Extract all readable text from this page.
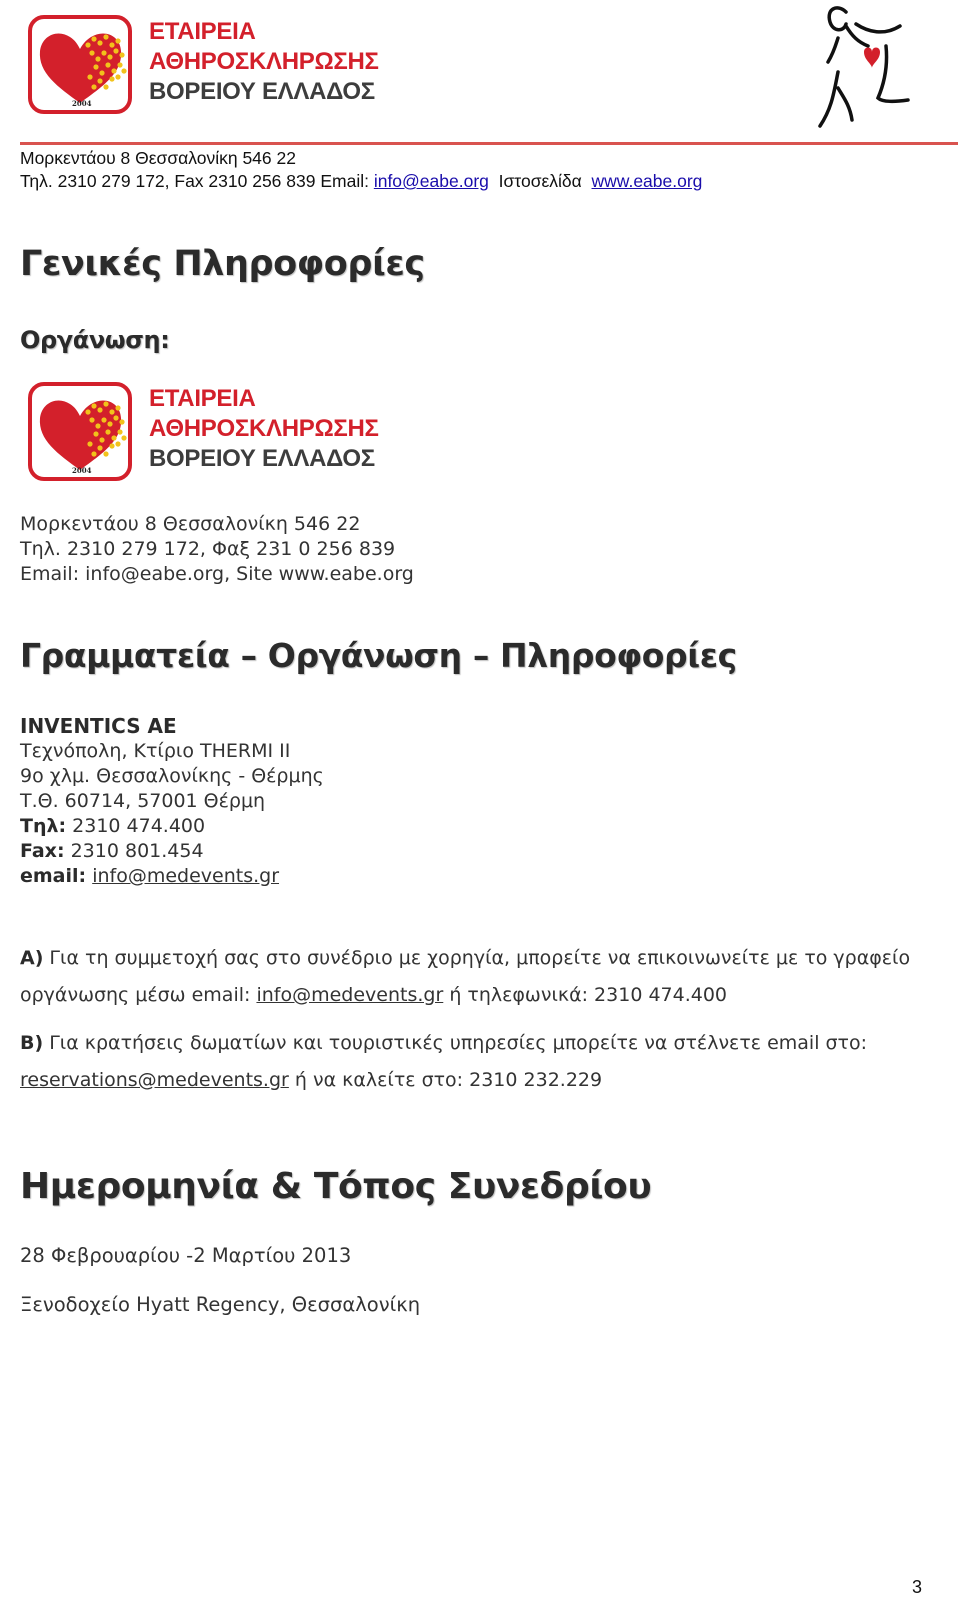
2004
ΕΤΑΙΡΕΙΑ
ΑΘΗΡΟΣΚΛΗΡΩΣΗΣ
ΒΟΡΕΙΟΥ ΕΛΛΑΔΟΣ
Μορκεντάου 8 Θεσσαλονίκη 546 22
Τηλ. 2310 279 172, Fax 2310 256 839 Email: info@eabe.org  Ιστοσελίδα  www.eabe.org
Γενικές Πληροφορίες
Οργάνωση:
2004
ΕΤΑΙΡΕΙΑ
ΑΘΗΡΟΣΚΛΗΡΩΣΗΣ
ΒΟΡΕΙΟΥ ΕΛΛΑΔΟΣ
Μορκεντάου 8 Θεσσαλονίκη 546 22
Τηλ. 2310 279 172, Φαξ 231 0 256 839
Email: info@eabe.org, Site www.eabe.org
Γραμματεία – Οργάνωση – Πληροφορίες
INVENTICS AE
Τεχνόπολη, Κτίριο THERMI II
9ο χλμ. Θεσσαλονίκης - Θέρμης
Τ.Θ. 60714, 57001 Θέρμη
Τηλ: 2310 474.400
Fax: 2310 801.454
email: info@medevents.gr
Α) Για τη συμμετοχή σας στο συνέδριο με χορηγία, μπορείτε να επικοινωνείτε με το γραφείο
οργάνωσης μέσω email: info@medevents.gr ή τηλεφωνικά: 2310 474.400
Β) Για κρατήσεις δωματίων και τουριστικές υπηρεσίες μπορείτε να στέλνετε email στο:
reservations@medevents.gr ή να καλείτε στο: 2310 232.229
Ημερομηνία & Τόπος Συνεδρίου
28 Φεβρουαρίου -2 Μαρτίου 2013
Ξενοδοχείο Hyatt Regency, Θεσσαλονίκη
3
